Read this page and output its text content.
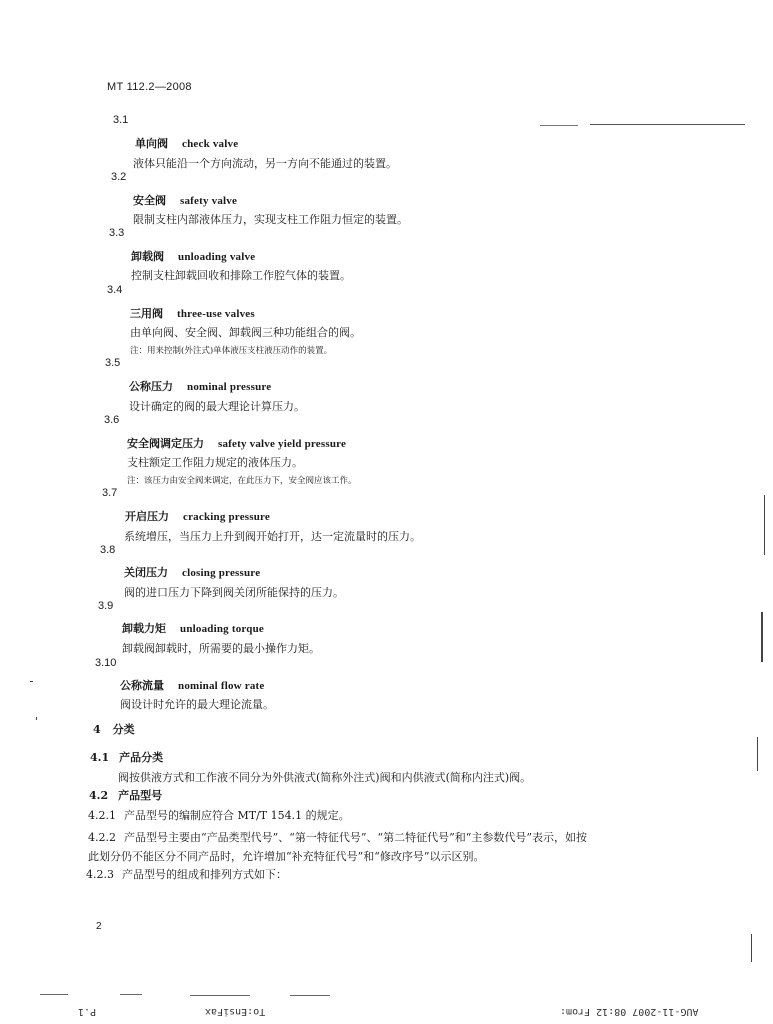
MT 112.2—2008
3.1
单向阀 check valve
液体只能沿一个方向流动，另一方向不能通过的装置。
3.2
安全阀 safety valve
限制支柱内部液体压力，实现支柱工作阻力恒定的装置。
3.3
卸载阀 unloading valve
控制支柱卸载回收和排除工作腔气体的装置。
3.4
三用阀 three-use valves
由单向阀、安全阀、卸载阀三种功能组合的阀。
注：用来控制(外注式)单体液压支柱液压动作的装置。
3.5
公称压力 nominal pressure
设计确定的阀的最大理论计算压力。
3.6
安全阀调定压力 safety valve yield pressure
支柱额定工作阻力规定的液体压力。
注：该压力由安全阀来调定，在此压力下，安全阀应该工作。
3.7
开启压力 cracking pressure
系统增压，当压力上升到阀开始打开，达一定流量时的压力。
3.8
关闭压力 closing pressure
阀的进口压力下降到阀关闭所能保持的压力。
3.9
卸载力矩 unloading torque
卸载阀卸载时，所需要的最小操作力矩。
3.10
公称流量 nominal flow rate
阀设计时允许的最大理论流量。
4 分类
4.1 产品分类
阀按供液方式和工作液不同分为外供液式(简称外注式)阀和内供液式(简称内注式)阀。
4.2 产品型号
4.2.1 产品型号的编制应符合 MT/T 154.1 的规定。
4.2.2 产品型号主要由“产品类型代号”、“第一特征代号”、“第二特征代号”和“主参数代号”表示，如按
此划分仍不能区分不同产品时，允许增加“补充特征代号”和“修改序号”以示区别。
4.2.3 产品型号的组成和排列方式如下：
2
P.1	To:EnsiFax	AUG-11-2007 08:12 From:
